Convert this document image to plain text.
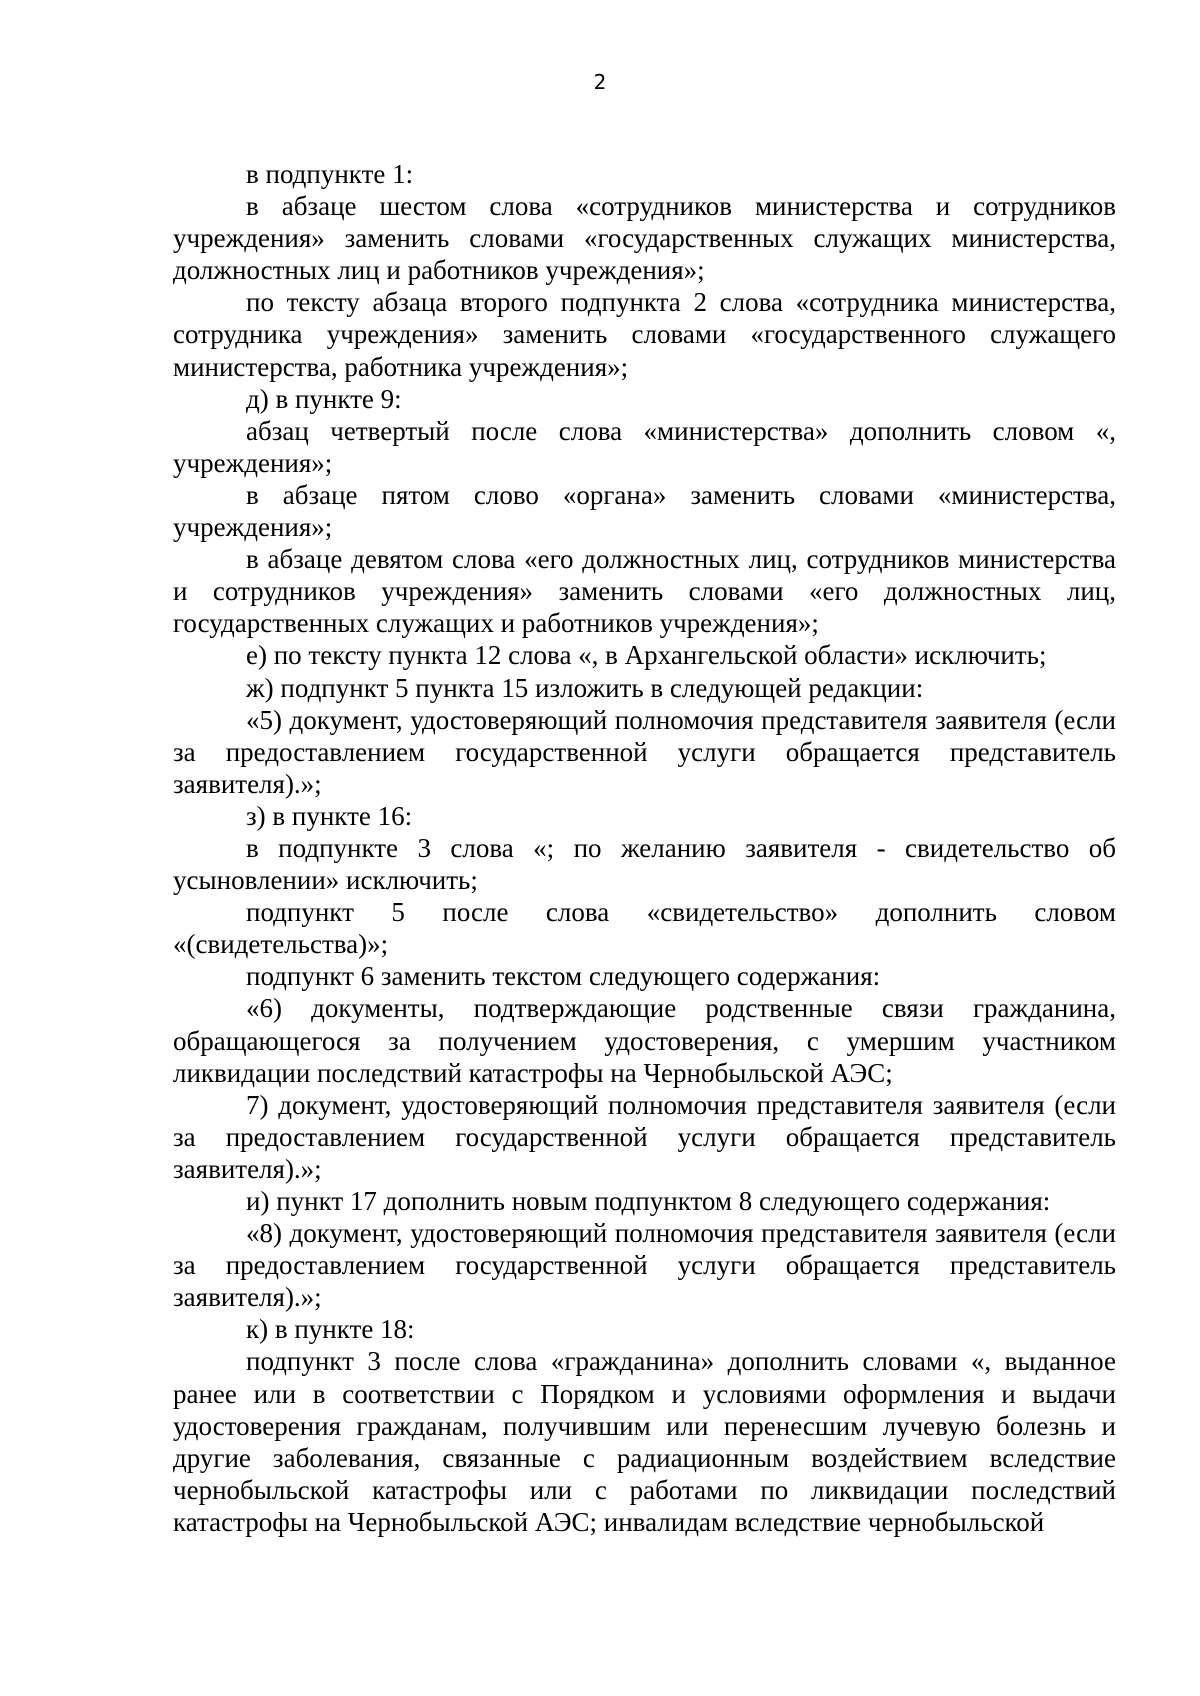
2

в подпункте 1:

в абзаце шестом слова «сотрудников министерства и сотрудников учреждения» заменить словами «государственных служащих министерства, должностных лиц и работников учреждения»;

по тексту абзаца второго подпункта 2 слова «сотрудника министерства, сотрудника учреждения» заменить словами «государственного служащего министерства, работника учреждения»;

д) в пункте 9:

абзац четвертый после слова «министерства» дополнить словом «, учреждения»;

в абзаце пятом слово «органа» заменить словами «министерства, учреждения»;

в абзаце девятом слова «его должностных лиц, сотрудников министерства и сотрудников учреждения» заменить словами «его должностных лиц, государственных служащих и работников учреждения»;

е) по тексту пункта 12 слова «, в Архангельской области» исключить;

ж) подпункт 5 пункта 15 изложить в следующей редакции:

«5) документ, удостоверяющий полномочия представителя заявителя (если за предоставлением государственной услуги обращается представитель заявителя).»;

з) в пункте 16:

в подпункте 3 слова «; по желанию заявителя - свидетельство об усыновлении» исключить;

подпункт 5 после слова «свидетельство» дополнить словом «(свидетельства)»;

подпункт 6 заменить текстом следующего содержания:

«6) документы, подтверждающие родственные связи гражданина, обращающегося за получением удостоверения, с умершим участником ликвидации последствий катастрофы на Чернобыльской АЭС;

7) документ, удостоверяющий полномочия представителя заявителя (если за предоставлением государственной услуги обращается представитель заявителя).»;

и) пункт 17 дополнить новым подпунктом 8 следующего содержания:

«8) документ, удостоверяющий полномочия представителя заявителя (если за предоставлением государственной услуги обращается представитель заявителя).»;

к) в пункте 18:

подпункт 3 после слова «гражданина» дополнить словами «, выданное ранее или в соответствии с Порядком и условиями оформления и выдачи удостоверения гражданам, получившим или перенесшим лучевую болезнь и другие заболевания, связанные с радиационным воздействием вследствие чернобыльской катастрофы или с работами по ликвидации последствий катастрофы на Чернобыльской АЭС; инвалидам вследствие чернобыльской
